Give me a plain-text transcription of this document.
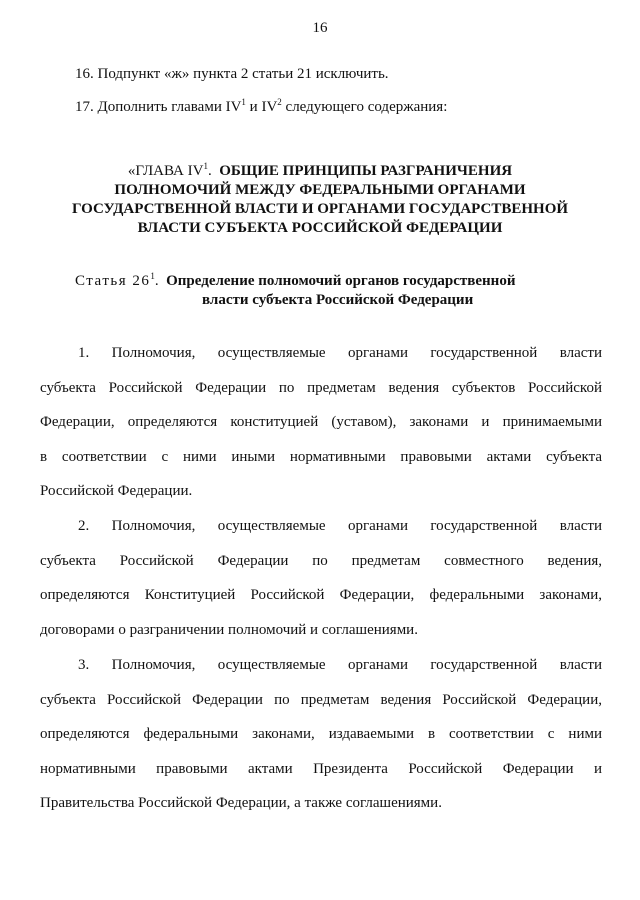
16
16. Подпункт «ж» пункта 2 статьи 21 исключить.
17. Дополнить главами $IV^1$ и $IV^2$ следующего содержания:
«ГЛАВА $IV^1$. ОБЩИЕ ПРИНЦИПЫ РАЗГРАНИЧЕНИЯ
ПОЛНОМОЧИЙ МЕЖДУ ФЕДЕРАЛЬНЫМИ ОРГАНАМИ
ГОСУДАРСТВЕННОЙ ВЛАСТИ И ОРГАНАМИ ГОСУДАРСТВЕННОЙ
ВЛАСТИ СУБЪЕКТА РОССИЙСКОЙ ФЕДЕРАЦИИ
Статья $26^1$. Определение полномочий органов государственной
власти субъекта Российской Федерации
1. Полномочия, осуществляемые органами государственной власти
субъекта Российской Федерации по предметам ведения субъектов Российской
Федерации, определяются конституцией (уставом), законами и принимаемыми
в соответствии с ними иными нормативными правовыми актами субъекта
Российской Федерации.
2. Полномочия, осуществляемые органами государственной власти
субъекта Российской Федерации по предметам совместного ведения,
определяются Конституцией Российской Федерации, федеральными законами,
договорами о разграничении полномочий и соглашениями.
3. Полномочия, осуществляемые органами государственной власти
субъекта Российской Федерации по предметам ведения Российской Федерации,
определяются федеральными законами, издаваемыми в соответствии с ними
нормативными правовыми актами Президента Российской Федерации и
Правительства Российской Федерации, а также соглашениями.
